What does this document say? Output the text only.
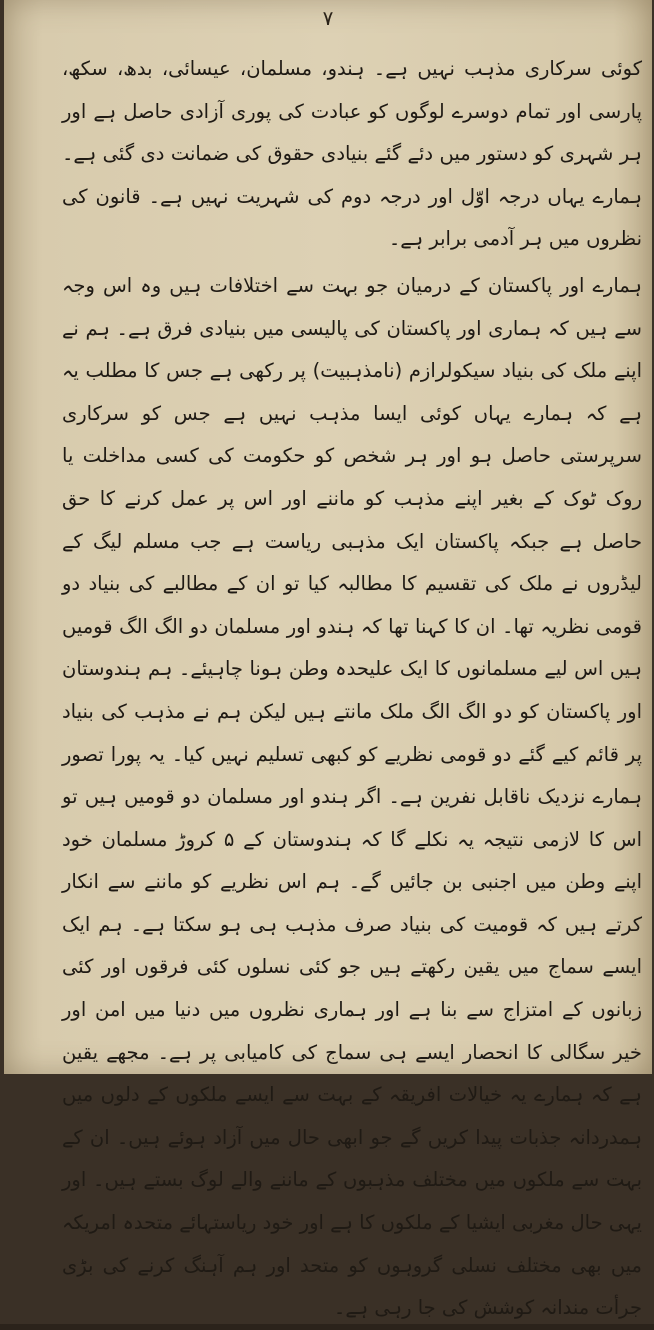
۷

کوئی سرکاری مذہب نہیں ہے۔ ہندو، مسلمان، عیسائی، بدھ، سکھ، پارسی اور تمام دوسرے لوگوں کو عبادت کی پوری آزادی حاصل ہے اور ہر شہری کو دستور میں دئے گئے بنیادی حقوق کی ضمانت دی گئی ہے۔ ہمارے یہاں درجہ اوّل اور درجہ دوم کی شہریت نہیں ہے۔ قانون کی نظروں میں ہر آدمی برابر ہے۔

ہمارے اور پاکستان کے درمیان جو بہت سے اختلافات ہیں وہ اس وجہ سے ہیں کہ ہماری اور پاکستان کی پالیسی میں بنیادی فرق ہے۔ ہم نے اپنے ملک کی بنیاد سیکولرازم (نامذہبیت) پر رکھی ہے جس کا مطلب یہ ہے کہ ہمارے یہاں کوئی ایسا مذہب نہیں ہے جس کو سرکاری سرپرستی حاصل ہو اور ہر شخص کو حکومت کی کسی مداخلت یا روک ٹوک کے بغیر اپنے مذہب کو ماننے اور اس پر عمل کرنے کا حق حاصل ہے جبکہ پاکستان ایک مذہبی ریاست ہے جب مسلم لیگ کے لیڈروں نے ملک کی تقسیم کا مطالبہ کیا تو ان کے مطالبے کی بنیاد دو قومی نظریہ تھا۔ ان کا کہنا تھا کہ ہندو اور مسلمان دو الگ الگ قومیں ہیں اس لیے مسلمانوں کا ایک علیحدہ وطن ہونا چاہیئے۔ ہم ہندوستان اور پاکستان کو دو الگ الگ ملک مانتے ہیں لیکن ہم نے مذہب کی بنیاد پر قائم کیے گئے دو قومی نظریے کو کبھی تسلیم نہیں کیا۔ یہ پورا تصور ہمارے نزدیک ناقابل نفرین ہے۔ اگر ہندو اور مسلمان دو قومیں ہیں تو اس کا لازمی نتیجہ یہ نکلے گا کہ ہندوستان کے ۵ کروڑ مسلمان خود اپنے وطن میں اجنبی بن جائیں گے۔ ہم اس نظریے کو ماننے سے انکار کرتے ہیں کہ قومیت کی بنیاد صرف مذہب ہی ہو سکتا ہے۔ ہم ایک ایسے سماج میں یقین رکھتے ہیں جو کئی نسلوں کئی فرقوں اور کئی زبانوں کے امتزاج سے بنا ہے اور ہماری نظروں میں دنیا میں امن اور خیر سگالی کا انحصار ایسے ہی سماج کی کامیابی پر ہے۔ مجھے یقین ہے کہ ہمارے یہ خیالات افریقہ کے بہت سے ایسے ملکوں کے دلوں میں ہمدردانہ جذبات پیدا کریں گے جو ابھی حال میں آزاد ہوئے ہیں۔ ان کے بہت سے ملکوں میں مختلف مذہبوں کے ماننے والے لوگ بستے ہیں۔ اور یہی حال مغربی ایشیا کے ملکوں کا ہے اور خود ریاستہائے متحدہ امریکہ میں بھی مختلف نسلی گروہوں کو متحد اور ہم آہنگ کرنے کی بڑی جرأت مندانہ کوشش کی جا رہی ہے۔
